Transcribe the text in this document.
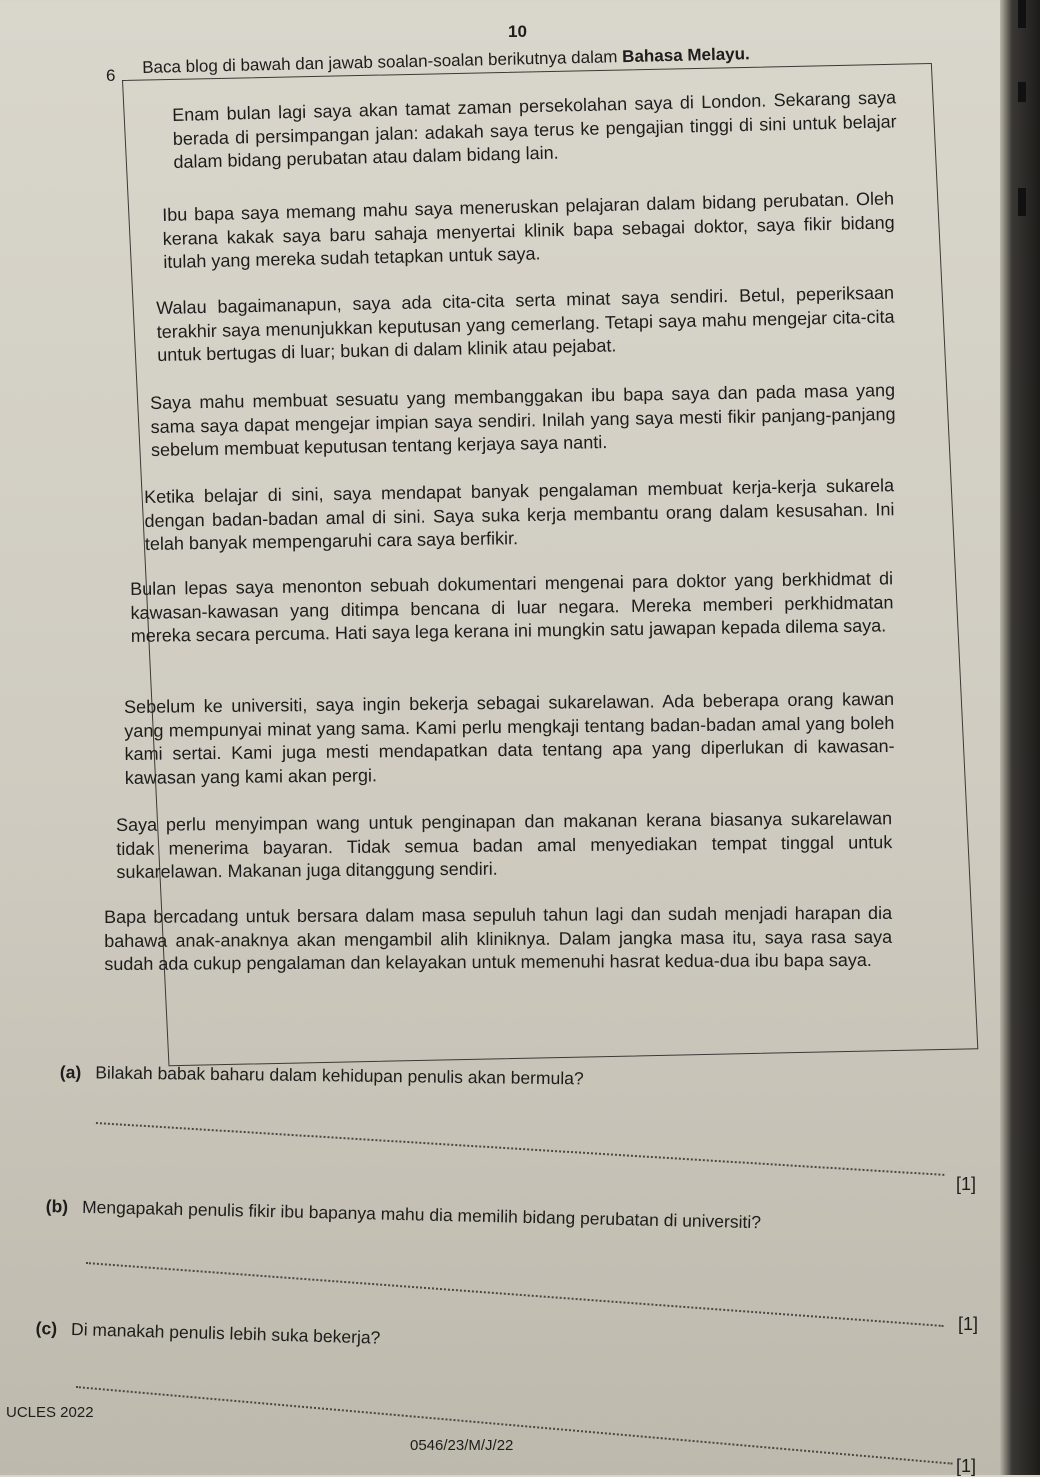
10
6 Baca blog di bawah dan jawab soalan-soalan berikutnya dalam Bahasa Melayu.

Enam bulan lagi saya akan tamat zaman persekolahan saya di London. Sekarang saya berada di persimpangan jalan: adakah saya terus ke pengajian tinggi di sini untuk belajar dalam bidang perubatan atau dalam bidang lain.

Ibu bapa saya memang mahu saya meneruskan pelajaran dalam bidang perubatan. Oleh kerana kakak saya baru sahaja menyertai klinik bapa sebagai doktor, saya fikir bidang itulah yang mereka sudah tetapkan untuk saya.

Walau bagaimanapun, saya ada cita-cita serta minat saya sendiri. Betul, peperiksaan terakhir saya menunjukkan keputusan yang cemerlang. Tetapi saya mahu mengejar cita-cita untuk bertugas di luar; bukan di dalam klinik atau pejabat.

Saya mahu membuat sesuatu yang membanggakan ibu bapa saya dan pada masa yang sama saya dapat mengejar impian saya sendiri. Inilah yang saya mesti fikir panjang-panjang sebelum membuat keputusan tentang kerjaya saya nanti.

Ketika belajar di sini, saya mendapat banyak pengalaman membuat kerja-kerja sukarela dengan badan-badan amal di sini. Saya suka kerja membantu orang dalam kesusahan. Ini telah banyak mempengaruhi cara saya berfikir.

Bulan lepas saya menonton sebuah dokumentari mengenai para doktor yang berkhidmat di kawasan-kawasan yang ditimpa bencana di luar negara. Mereka memberi perkhidmatan mereka secara percuma. Hati saya lega kerana ini mungkin satu jawapan kepada dilema saya.

Sebelum ke universiti, saya ingin bekerja sebagai sukarelawan. Ada beberapa orang kawan yang mempunyai minat yang sama. Kami perlu mengkaji tentang badan-badan amal yang boleh kami sertai. Kami juga mesti mendapatkan data tentang apa yang diperlukan di kawasan-kawasan yang kami akan pergi.

Saya perlu menyimpan wang untuk penginapan dan makanan kerana biasanya sukarelawan tidak menerima bayaran. Tidak semua badan amal menyediakan tempat tinggal untuk sukarelawan. Makanan juga ditanggung sendiri.

Bapa bercadang untuk bersara dalam masa sepuluh tahun lagi dan sudah menjadi harapan dia bahawa anak-anaknya akan mengambil alih kliniknya. Dalam jangka masa itu, saya rasa saya sudah ada cukup pengalaman dan kelayakan untuk memenuhi hasrat kedua-dua ibu bapa saya.

(a) Bilakah babak baharu dalam kehidupan penulis akan bermula?
[1]
(b) Mengapakah penulis fikir ibu bapanya mahu dia memilih bidang perubatan di universiti?
[1]
(c) Di manakah penulis lebih suka bekerja?
[1]
UCLES 2022
0546/23/M/J/22
